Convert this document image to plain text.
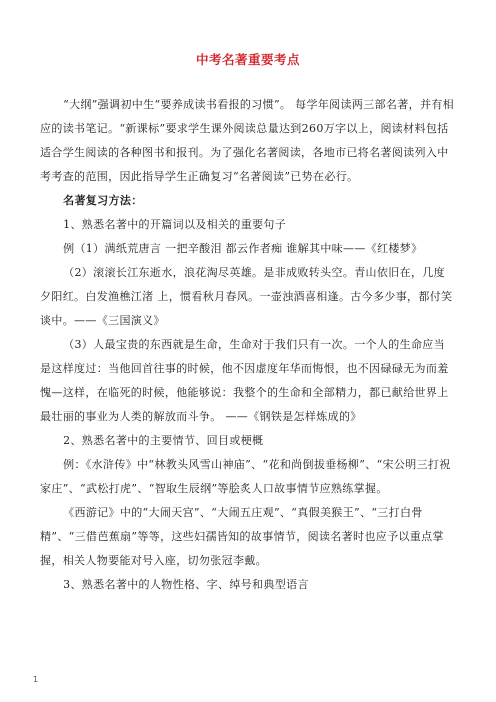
中考名著重要考点

“大纲”强调初中生“要养成读书看报的习惯”。 每学年阅读两三部名著，并有相应的读书笔记。“新课标”要求学生课外阅读总量达到260万字以上，阅读材料包括适合学生阅读的各种图书和报刊。为了强化名著阅读，各地市已将名著阅读列入中考考查的范围，因此指导学生正确复习“名著阅读”已势在必行。

名著复习方法：

1、熟悉名著中的开篇词以及相关的重要句子

例（1）满纸荒唐言 一把辛酸泪 都云作者痴 谁解其中味——《红楼梦》

（2）滚滚长江东逝水，浪花淘尽英雄。是非成败转头空。青山依旧在，几度夕阳红。白发渔樵江渚 上，惯看秋月春风。一壶浊酒喜相逢。古今多少事，都付笑谈中。——《三国演义》

（3）人最宝贵的东西就是生命，生命对于我们只有一次。一个人的生命应当是这样度过：当他回首往事的时候，他不因虚度年华而悔恨，也不因碌碌无为而羞愧—这样，在临死的时候，他能够说：我整个的生命和全部精力，都已献给世界上最壮丽的事业为人类的解放而斗争。 ——《钢铁是怎样炼成的》

2、熟悉名著中的主要情节、回目或梗概

例：《水浒传》中“林教头风雪山神庙”、“花和尚倒拔垂杨柳”、“宋公明三打祝家庄”、“武松打虎”、“智取生辰纲”等脍炙人口故事情节应熟练掌握。

《西游记》中的“大闹天宫”、“大闹五庄观”、“真假美猴王”、“三打白骨精”、“三借芭蕉扇”等等，这些妇孺皆知的故事情节，阅读名著时也应予以重点掌握，相关人物要能对号入座，切勿张冠李戴。

3、熟悉名著中的人物性格、字、绰号和典型语言

1
